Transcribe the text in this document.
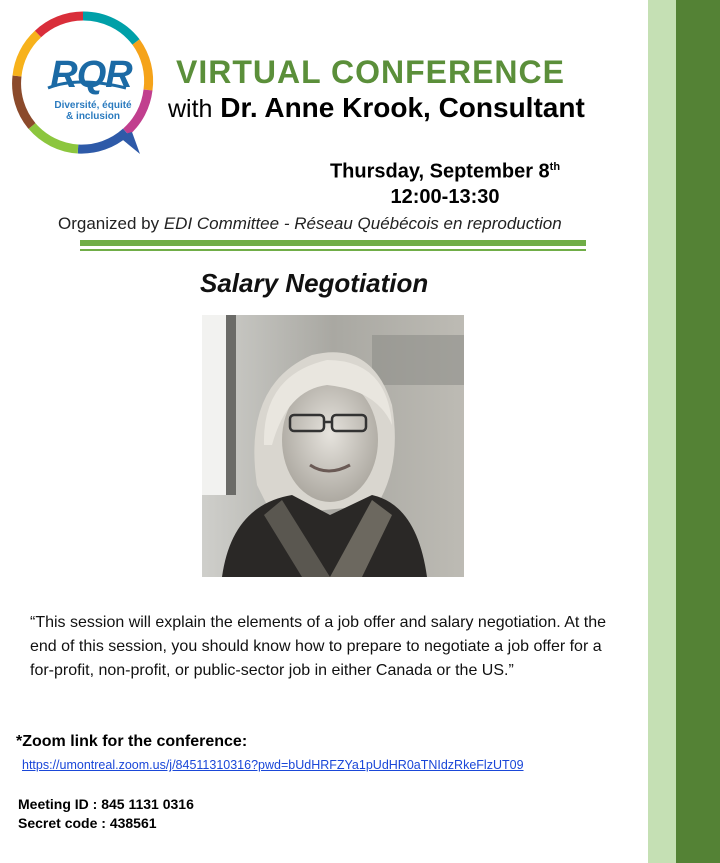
RQR
Diversité, équité
& inclusion
VIRTUAL CONFERENCE
with Dr. Anne Krook, Consultant
Thursday, September 8th
12:00-13:30
Organized by EDI Committee - Réseau Québécois en reproduction
Salary Negotiation
“This session will explain the elements of a job offer and salary negotiation. At the end of this session, you should know how to prepare to negotiate a job offer for a for-profit, non-profit, or public-sector job in either Canada or the US.”
*Zoom link for the conference:
https://umontreal.zoom.us/j/84511310316?pwd=bUdHRFZYa1pUdHR0aTNIdzRkeFlzUT09
Meeting ID : 845 1131 0316
Secret code : 438561
